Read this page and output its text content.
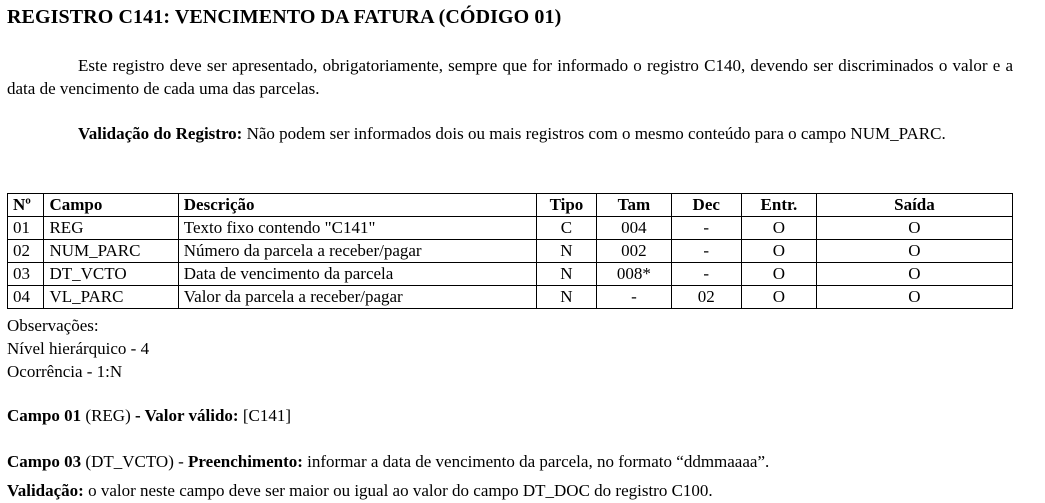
REGISTRO C141: VENCIMENTO DA FATURA (CÓDIGO 01)

Este registro deve ser apresentado, obrigatoriamente, sempre que for informado o registro C140, devendo ser discriminados o valor e a data de vencimento de cada uma das parcelas.

Validação do Registro: Não podem ser informados dois ou mais registros com o mesmo conteúdo para o campo NUM_PARC.

Nº	Campo	Descrição	Tipo	Tam	Dec	Entr.	Saída
01	REG	Texto fixo contendo "C141"	C	004	-	O	O
02	NUM_PARC	Número da parcela a receber/pagar	N	002	-	O	O
03	DT_VCTO	Data de vencimento da parcela	N	008*	-	O	O
04	VL_PARC	Valor da parcela a receber/pagar	N	-	02	O	O
Observações:
Nível hierárquico - 4
Ocorrência - 1:N

Campo 01 (REG) - Valor válido: [C141]

Campo 03 (DT_VCTO) - Preenchimento: informar a data de vencimento da parcela, no formato “ddmmaaaa”.

Validação: o valor neste campo deve ser maior ou igual ao valor do campo DT_DOC do registro C100.
